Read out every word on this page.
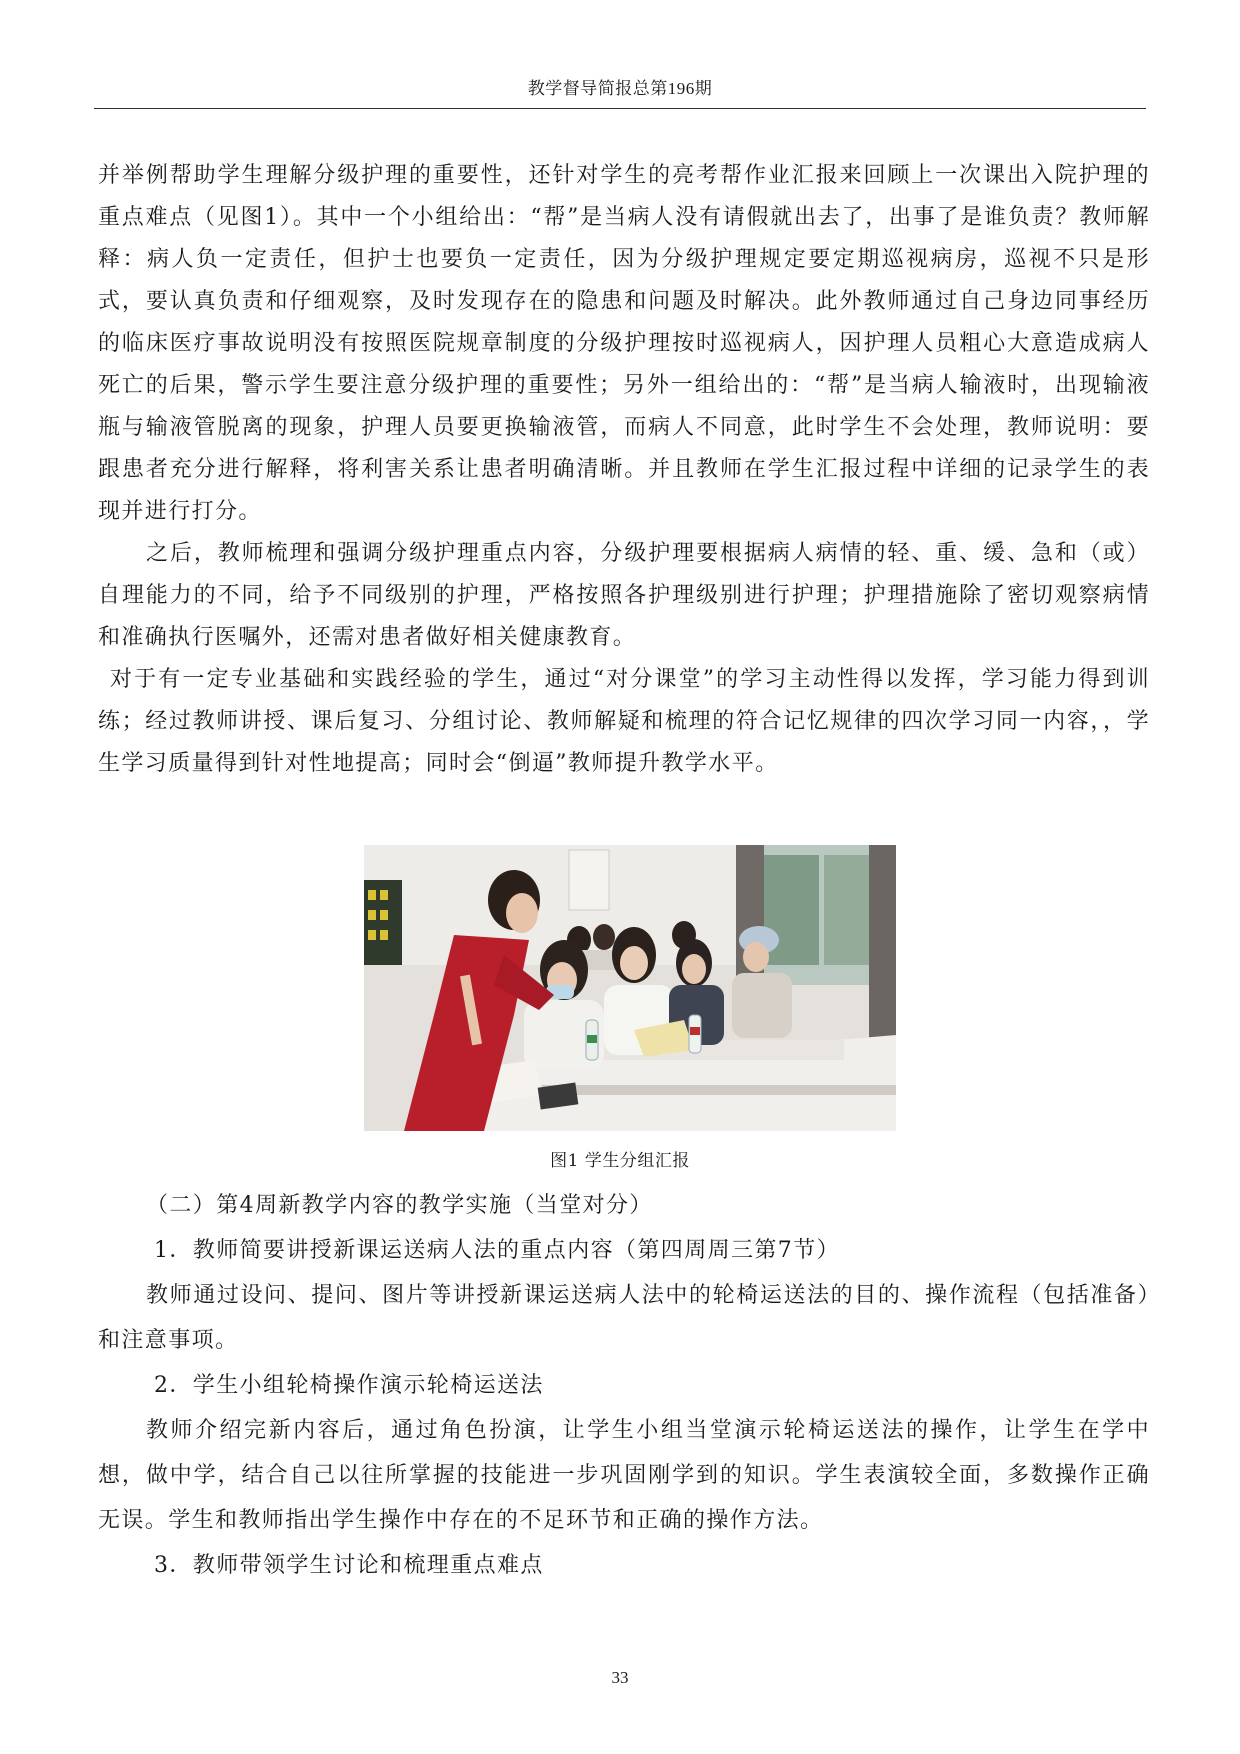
教学督导简报总第196期

并举例帮助学生理解分级护理的重要性，还针对学生的亮考帮作业汇报来回顾上一次课出入院护理的重点难点（见图1）。其中一个小组给出：“帮”是当病人没有请假就出去了，出事了是谁负责？教师解释：病人负一定责任，但护士也要负一定责任，因为分级护理规定要定期巡视病房，巡视不只是形式，要认真负责和仔细观察，及时发现存在的隐患和问题及时解决。此外教师通过自己身边同事经历的临床医疗事故说明没有按照医院规章制度的分级护理按时巡视病人，因护理人员粗心大意造成病人死亡的后果，警示学生要注意分级护理的重要性；另外一组给出的：“帮”是当病人输液时，出现输液瓶与输液管脱离的现象，护理人员要更换输液管，而病人不同意，此时学生不会处理，教师说明：要跟患者充分进行解释，将利害关系让患者明确清晰。并且教师在学生汇报过程中详细的记录学生的表现并进行打分。

之后，教师梳理和强调分级护理重点内容，分级护理要根据病人病情的轻、重、缓、急和（或）自理能力的不同，给予不同级别的护理，严格按照各护理级别进行护理；护理措施除了密切观察病情和准确执行医嘱外，还需对患者做好相关健康教育。

对于有一定专业基础和实践经验的学生，通过“对分课堂”的学习主动性得以发挥，学习能力得到训练；经过教师讲授、课后复习、分组讨论、教师解疑和梳理的符合记忆规律的四次学习同一内容，，学生学习质量得到针对性地提高；同时会“倒逼”教师提升教学水平。

图1 学生分组汇报

（二）第4周新教学内容的教学实施（当堂对分）

1．教师简要讲授新课运送病人法的重点内容（第四周周三第7节）

教师通过设问、提问、图片等讲授新课运送病人法中的轮椅运送法的目的、操作流程（包括准备）和注意事项。

2．学生小组轮椅操作演示轮椅运送法

教师介绍完新内容后，通过角色扮演，让学生小组当堂演示轮椅运送法的操作，让学生在学中想，做中学，结合自己以往所掌握的技能进一步巩固刚学到的知识。学生表演较全面，多数操作正确无误。学生和教师指出学生操作中存在的不足环节和正确的操作方法。

3．教师带领学生讨论和梳理重点难点

33
